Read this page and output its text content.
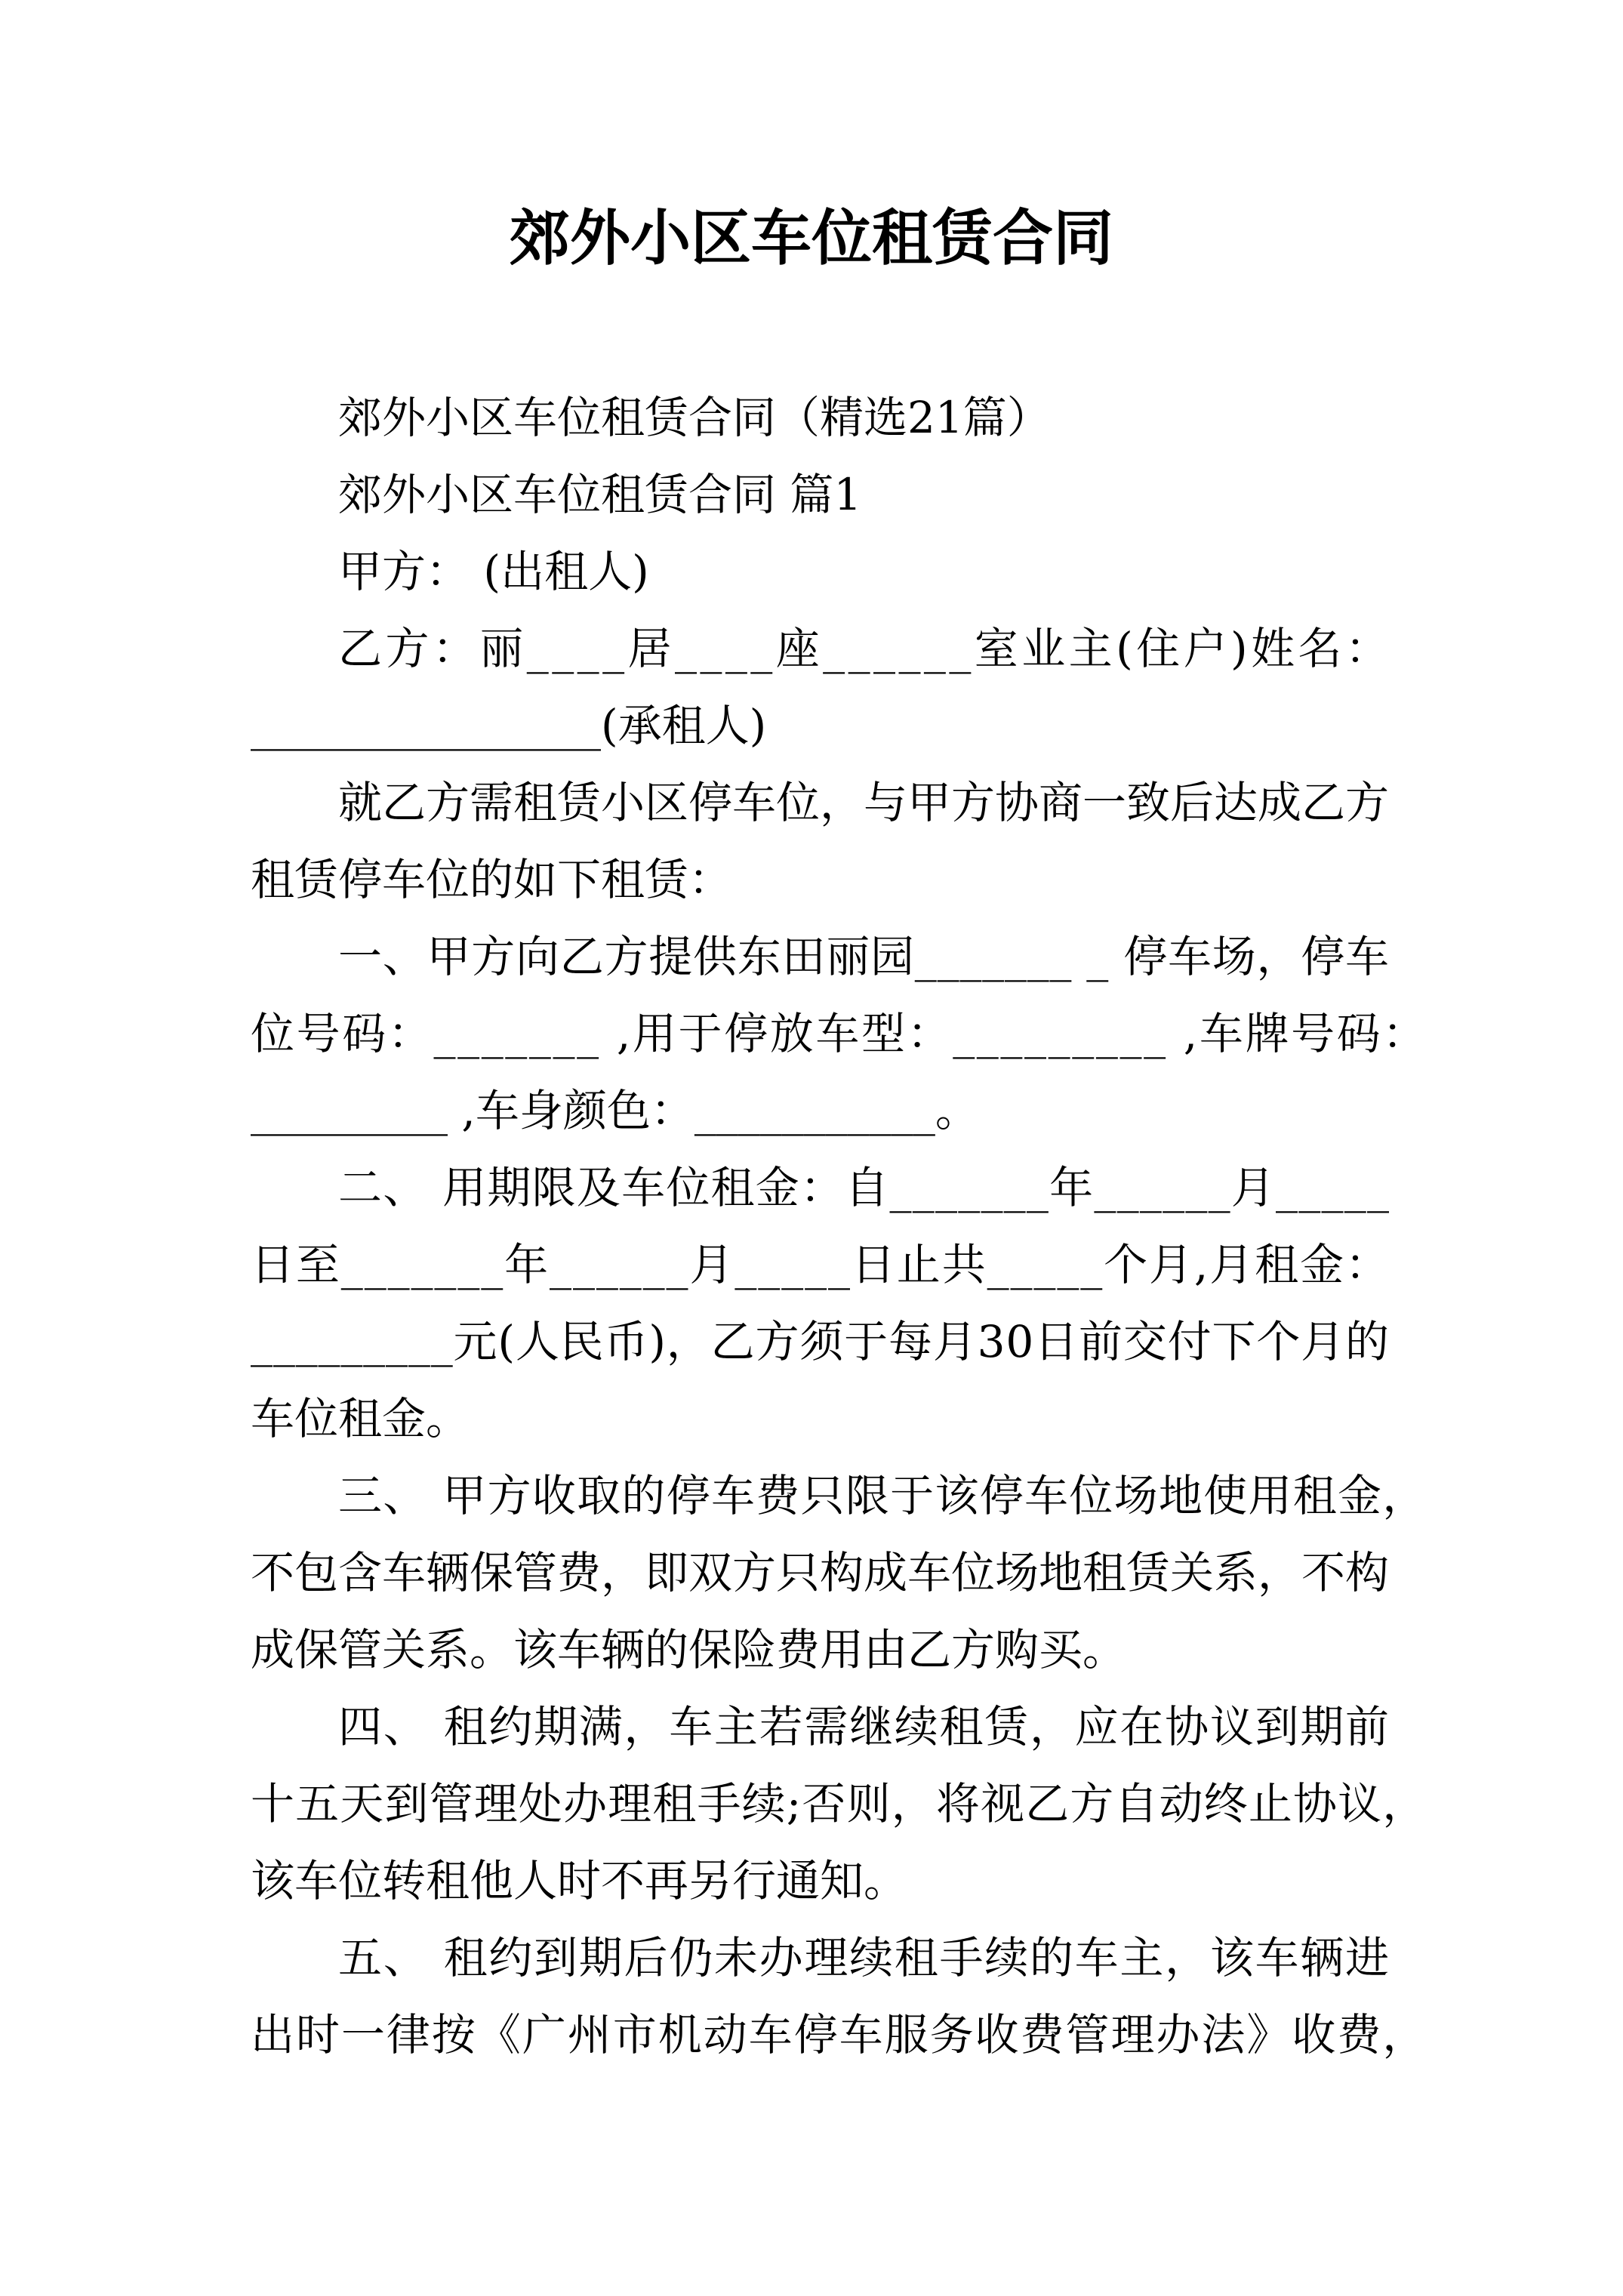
郊外小区车位租赁合同
郊外小区车位租赁合同（精选21篇）
郊外小区车位租赁合同 篇1
甲方： (出租人)
乙方：丽____居____座______室业主(住户)姓名：
________________(承租人)
就乙方需租赁小区停车位，与甲方协商一致后达成乙方
租赁停车位的如下租赁：
一、甲方向乙方提供东田丽园_______ _ 停车场，停车
位号码：_______ ,用于停放车型：_________ ,车牌号码：
_________ ,车身颜色：___________。
二、 用期限及车位租金：自_______年______月_____
日至_______年______月_____日止共_____个月,月租金：
_________元(人民币)，乙方须于每月30日前交付下个月的
车位租金。
三、 甲方收取的停车费只限于该停车位场地使用租金，
不包含车辆保管费，即双方只构成车位场地租赁关系，不构
成保管关系。该车辆的保险费用由乙方购买。
四、 租约期满，车主若需继续租赁，应在协议到期前
十五天到管理处办理租手续;否则，将视乙方自动终止协议，
该车位转租他人时不再另行通知。
五、 租约到期后仍未办理续租手续的车主，该车辆进
出时一律按《广州市机动车停车服务收费管理办法》收费，
